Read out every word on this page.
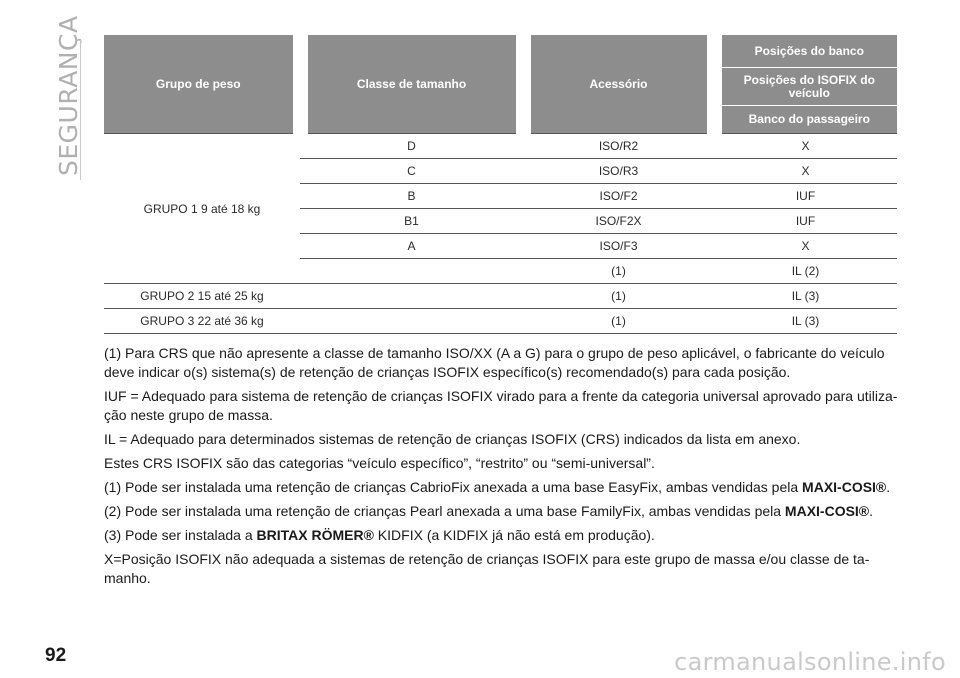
SEGURANÇA	Grupo de peso	Classe de tamanho	Acessório	Posições do banco
			Posições do ISOFIX do veículo
			Banco do passageiro
GRUPO 1 9 até 18 kg	D	ISO/R2	X
	C	ISO/R3	X
	B	ISO/F2	IUF
	B1	ISO/F2X	IUF
	A	ISO/F3	X
		(1)	IL (2)
GRUPO 2 15 até 25 kg		(1)	IL (3)
GRUPO 3 22 até 36 kg		(1)	IL (3)

(1) Para CRS que não apresente a classe de tamanho ISO/XX (A a G) para o grupo de peso aplicável, o fabricante do veículo deve indicar o(s) sistema(s) de retenção de crianças ISOFIX específico(s) recomendado(s) para cada posição.

IUF = Adequado para sistema de retenção de crianças ISOFIX virado para a frente da categoria universal aprovado para utiliza-ção neste grupo de massa.

IL = Adequado para determinados sistemas de retenção de crianças ISOFIX (CRS) indicados da lista em anexo.

Estes CRS ISOFIX são das categorias “veículo específico”, “restrito” ou “semi-universal”.

(1) Pode ser instalada uma retenção de crianças CabrioFix anexada a uma base EasyFix, ambas vendidas pela MAXI-COSI®.

(2) Pode ser instalada uma retenção de crianças Pearl anexada a uma base FamilyFix, ambas vendidas pela MAXI-COSI®.

(3) Pode ser instalada a BRITAX RÖMER® KIDFIX (a KIDFIX já não está em produção).

X=Posição ISOFIX não adequada a sistemas de retenção de crianças ISOFIX para este grupo de massa e/ou classe de ta-manho.

92	carmanualsonline.info
